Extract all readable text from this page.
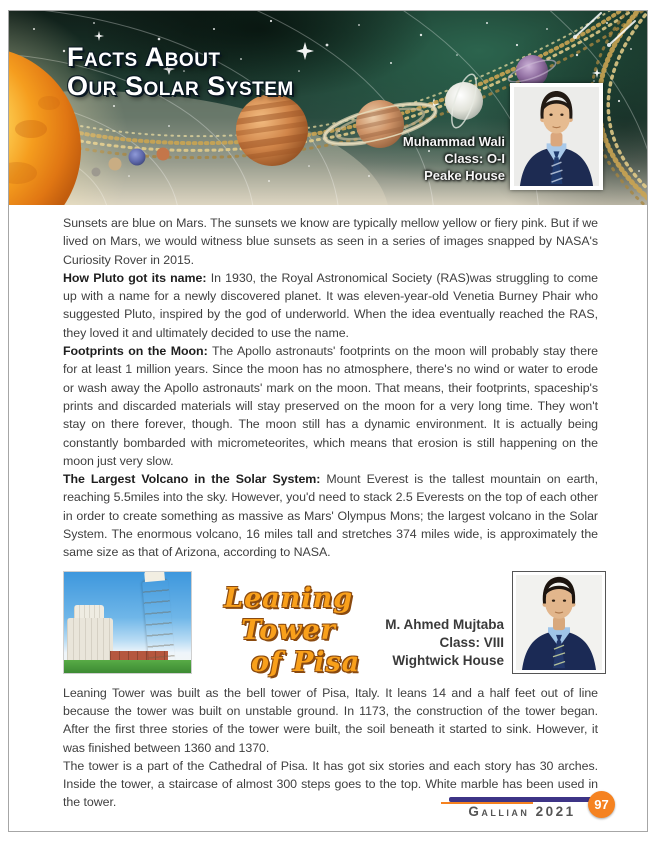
Facts About
Our Solar System
Muhammad Wali
Class: O-I
Peake House

Sunsets are blue on Mars. The sunsets we know are typically mellow yellow or fiery pink. But if we lived on Mars, we would witness blue sunsets as seen in a series of images snapped by NASA's Curiosity Rover in 2015.

How Pluto got its name: In 1930, the Royal Astronomical Society (RAS)was struggling to come up with a name for a newly discovered planet. It was eleven-year-old Venetia Burney Phair who suggested Pluto, inspired by the god of underworld. When the idea eventually reached the RAS, they loved it and ultimately decided to use the name.

Footprints on the Moon: The Apollo astronauts' footprints on the moon will probably stay there for at least 1 million years. Since the moon has no atmosphere, there's no wind or water to erode or wash away the Apollo astronauts' mark on the moon. That means, their footprints, spaceship's prints and discarded materials will stay preserved on the moon for a very long time. They won't stay on there forever, though. The moon still has a dynamic environment. It is actually being constantly bombarded with micrometeorites, which means that erosion is still happening on the moon just very slow.

The Largest Volcano in the Solar System: Mount Everest is the tallest mountain on earth, reaching 5.5miles into the sky. However, you'd need to stack 2.5 Everests on the top of each other in order to create something as massive as Mars' Olympus Mons; the largest volcano in the Solar System. The enormous volcano, 16 miles tall and stretches 374 miles wide, is approximately the same size as that of Arizona, according to NASA.

Leaning Tower
of Pisa
M. Ahmed Mujtaba
Class: VIII
Wightwick House

Leaning Tower was built as the bell tower of Pisa, Italy. It leans 14 and a half feet out of line because the tower was built on unstable ground. In 1173, the construction of the tower began. After the first three stories of the tower were built, the soil beneath it started to sink. However, it was finished between 1360 and 1370.

The tower is a part of the Cathedral of Pisa. It has got six stories and each story has 30 arches. Inside the tower, a staircase of almost 300 steps goes to the top. White marble has been used in the tower.

Gallian 2021	97
